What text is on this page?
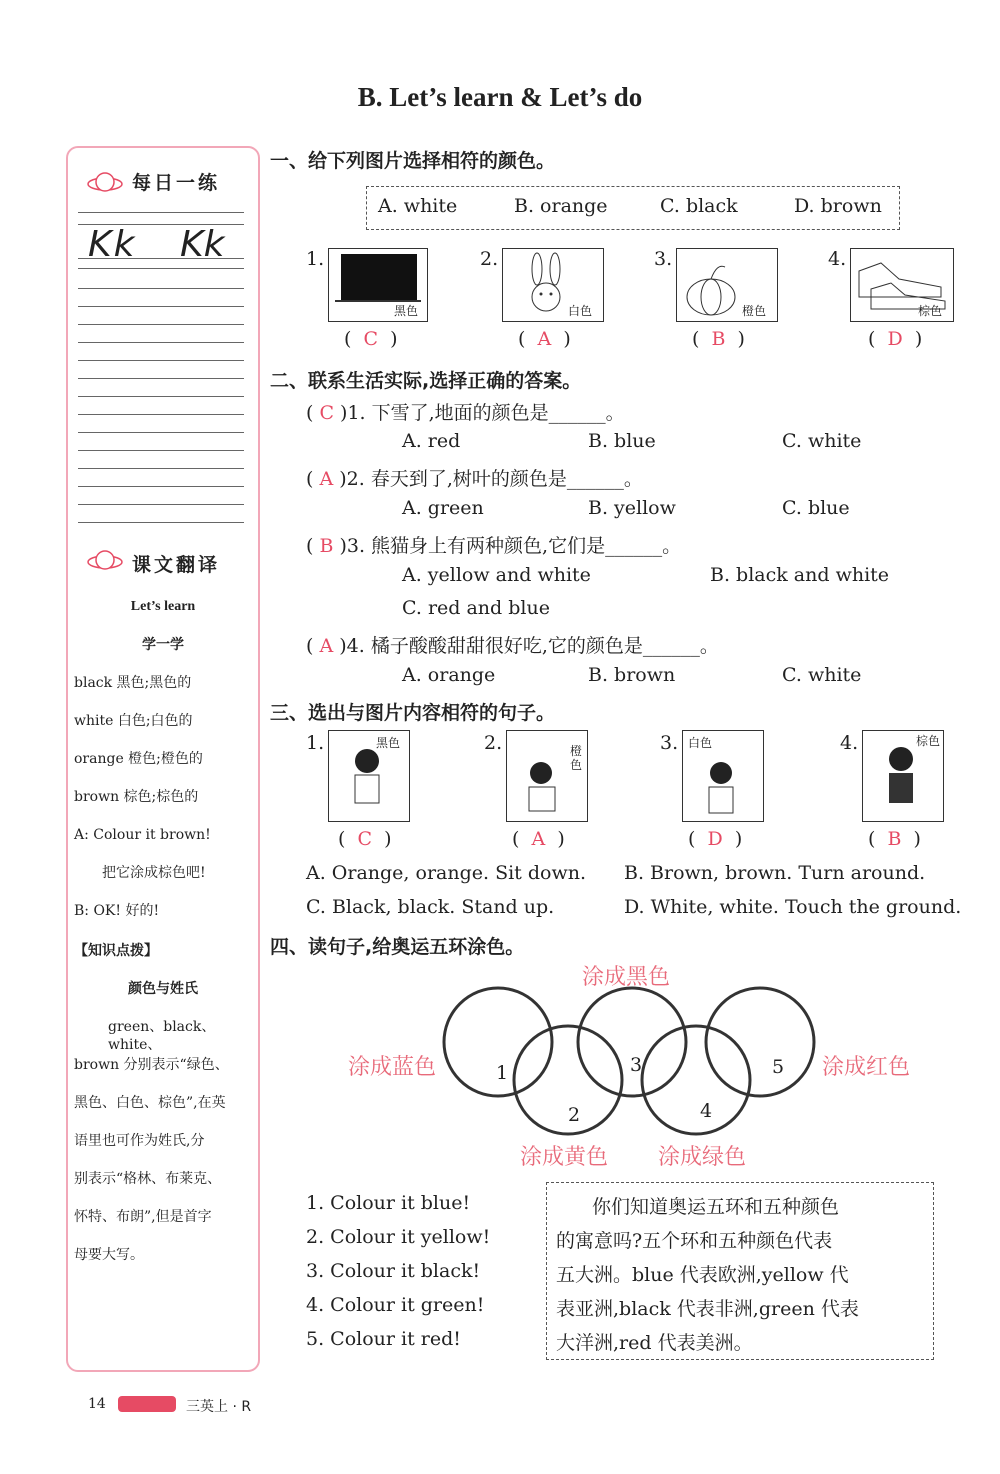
B. Let’s learn & Let’s do
每日一练
Kk Kk
课文翻译
Let’s learn
学一学
black 黑色;黑色的
white 白色;白色的
orange 橙色;橙色的
brown 棕色;棕色的
A: Colour it brown!
把它涂成棕色吧!
B: OK! 好的!
【知识点拨】
颜色与姓氏
green、black、white、
brown 分别表示“绿色、
黑色、白色、棕色”,在英
语里也可作为姓氏,分
别表示“格林、布莱克、
怀特、布朗”,但是首字
母要大写。
一、给下列图片选择相符的颜色。
A. white	B. orange	C. black	D. brown
1.
黑色
2.
白色
3.
橙色
4.
棕色
(  C  )	(  A  )	(  B  )	(  D  )
二、联系生活实际,选择正确的答案。
( C )1. 下雪了,地面的颜色是______。
A. red	B. blue	C. white
( A )2. 春天到了,树叶的颜色是______。
A. green	B. yellow	C. blue
( B )3. 熊猫身上有两种颜色,它们是______。
A. yellow and white	B. black and white
C. red and blue
( A )4. 橘子酸酸甜甜很好吃,它的颜色是______。
A. orange	B. brown	C. white
三、选出与图片内容相符的句子。
1.	黑色	2.	橙色
3. 白色	4.	棕色
(  C  )	(  A  )	(  D  )	(  B  )
A. Orange, orange. Sit down. B. Brown, brown. Turn around.
C. Black, black. Stand up.	D. White, white. Touch the ground.
四、读句子,给奥运五环涂色。
涂成黑色
涂成蓝色	涂成红色
涂成黄色 涂成绿色
1
2
3
4
5
1. Colour it blue!
2. Colour it yellow!
3. Colour it black!
4. Colour it green!
5. Colour it red!
你们知道奥运五环和五种颜色
的寓意吗?五个环和五种颜色代表
五大洲。blue 代表欧洲,yellow 代
表亚洲,black 代表非洲,green 代表
大洋洲,red 代表美洲。
14	三英上 · R
